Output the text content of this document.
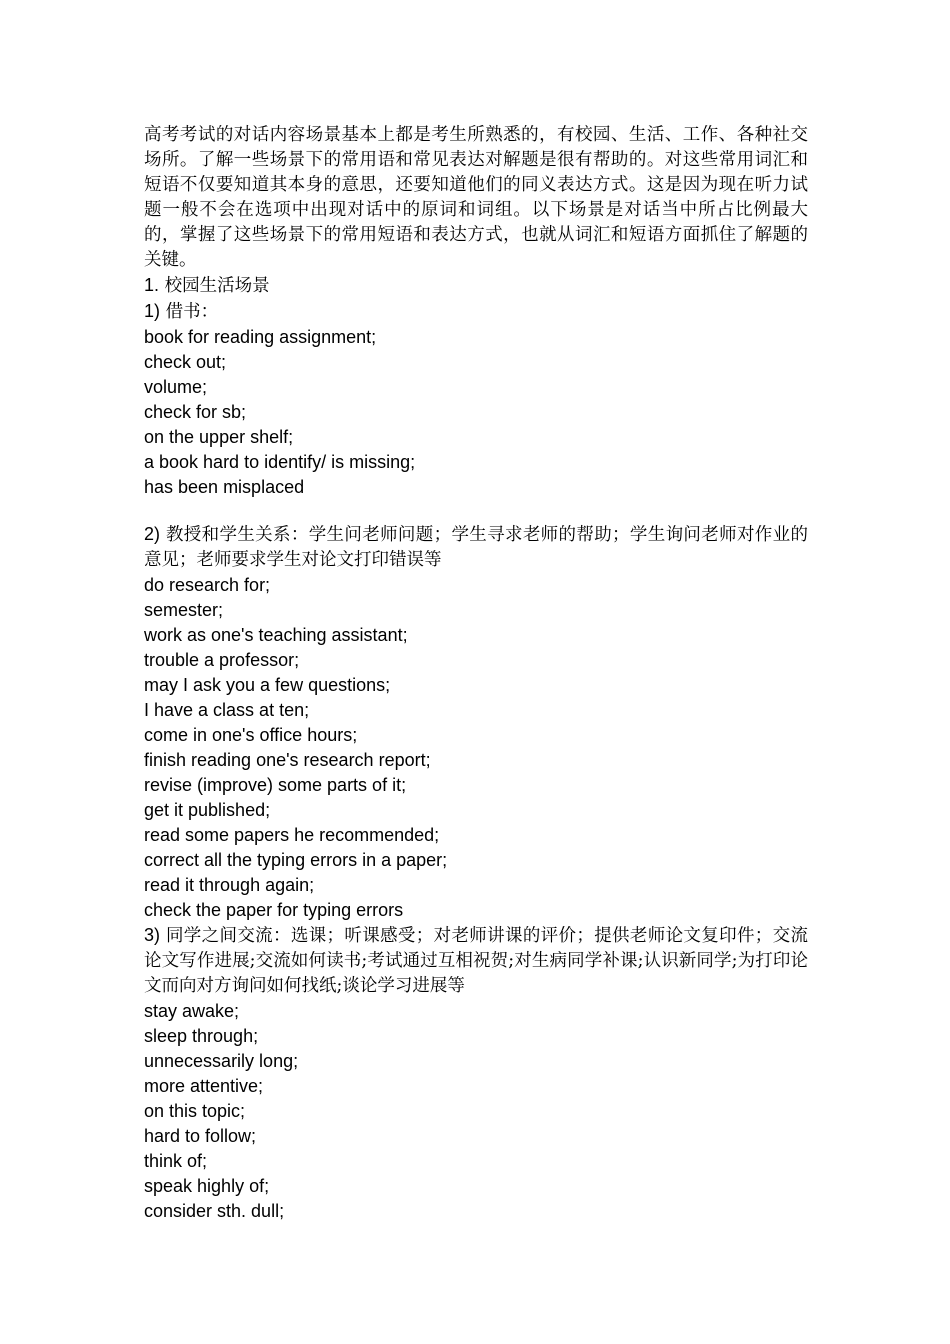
高考考试的对话内容场景基本上都是考生所熟悉的，有校园、生活、工作、各种社交场所。了解一些场景下的常用语和常见表达对解题是很有帮助的。对这些常用词汇和短语不仅要知道其本身的意思，还要知道他们的同义表达方式。这是因为现在听力试题一般不会在选项中出现对话中的原词和词组。以下场景是对话当中所占比例最大的，掌握了这些场景下的常用短语和表达方式，也就从词汇和短语方面抓住了解题的关键。

1. 校园生活场景

1) 借书：

book for reading assignment;

check out;

volume;

check for sb;

on the upper shelf;

a book hard to identify/ is missing;

has been misplaced

2) 教授和学生关系：学生问老师问题；学生寻求老师的帮助；学生询问老师对作业的意见；老师要求学生对论文打印错误等

do research for;

semester;

work as one's teaching assistant;

trouble a professor;

may I ask you a few questions;

I have a class at ten;

come in one's office hours;

finish reading one's research report;

revise (improve) some parts of it;

get it published;

read some papers he recommended;

correct all the typing errors in a paper;

read it through again;

check the paper for typing errors

3) 同学之间交流：选课；听课感受；对老师讲课的评价；提供老师论文复印件；交流论文写作进展;交流如何读书;考试通过互相祝贺;对生病同学补课;认识新同学;为打印论文而向对方询问如何找纸;谈论学习进展等

stay awake;

sleep through;

unnecessarily long;

more attentive;

on this topic;

hard to follow;

think of;

speak highly of;

consider sth. dull;
